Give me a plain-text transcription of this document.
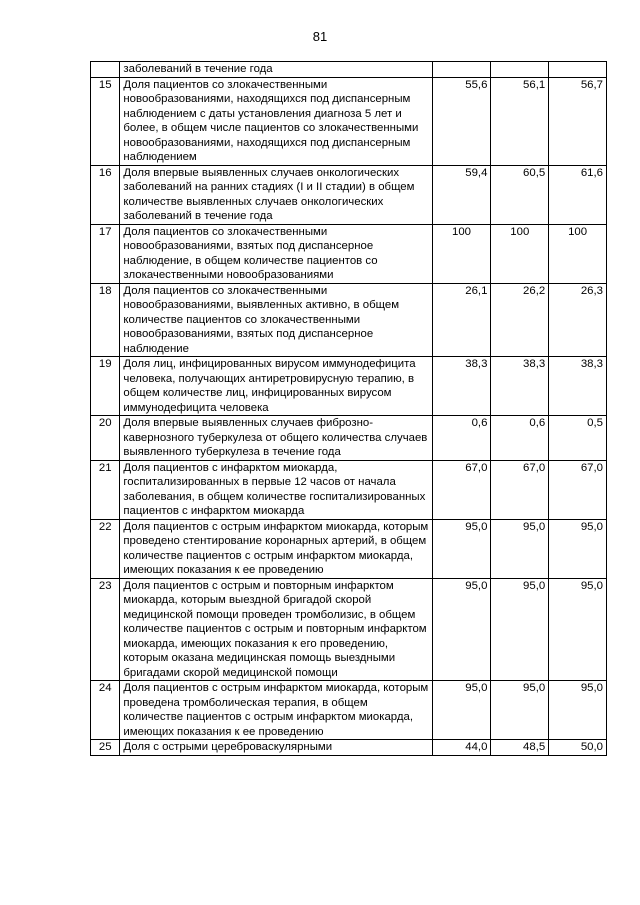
81
	заболеваний в течение года			
15	Доля пациентов со злокачественными новообразованиями, находящихся под диспансерным наблюдением с даты установления диагноза 5 лет и более, в общем числе пациентов со злокачественными новообразованиями, находящихся под диспансерным наблюдением	55,6	56,1	56,7
16	Доля впервые выявленных случаев онкологических заболеваний на ранних стадиях (I и II стадии) в общем количестве выявленных случаев онкологических заболеваний в течение года	59,4	60,5	61,6
17	Доля пациентов со злокачественными новообразованиями, взятых под диспансерное наблюдение, в общем количестве пациентов со злокачественными новообразованиями	100	100	100
18	Доля пациентов со злокачественными новообразованиями, выявленных активно, в общем количестве пациентов со злокачественными новообразованиями, взятых под диспансерное наблюдение	26,1	26,2	26,3
19	Доля лиц, инфицированных вирусом иммунодефицита человека, получающих антиретровирусную терапию, в общем количестве лиц, инфицированных вирусом иммунодефицита человека	38,3	38,3	38,3
20	Доля впервые выявленных случаев фиброзно-кавернозного туберкулеза от общего количества случаев выявленного туберкулеза в течение года	0,6	0,6	0,5
21	Доля пациентов с инфарктом миокарда, госпитализированных в первые 12 часов от начала заболевания, в общем количестве госпитализированных пациентов с инфарктом миокарда	67,0	67,0	67,0
22	Доля пациентов с острым инфарктом миокарда, которым проведено стентирование коронарных артерий, в общем количестве пациентов с острым инфарктом миокарда, имеющих показания к ее проведению	95,0	95,0	95,0
23	Доля пациентов с острым и повторным инфарктом миокарда, которым выездной бригадой скорой медицинской помощи проведен тромболизис, в общем количестве пациентов с острым и повторным инфарктом миокарда, имеющих показания к его проведению, которым оказана медицинская помощь выездными бригадами скорой медицинской помощи	95,0	95,0	95,0
24	Доля пациентов с острым инфарктом миокарда, которым проведена тромболическая терапия, в общем количестве пациентов с острым инфарктом миокарда, имеющих показания к ее проведению	95,0	95,0	95,0
25	Доля с острыми цереброваскулярными	44,0	48,5	50,0
